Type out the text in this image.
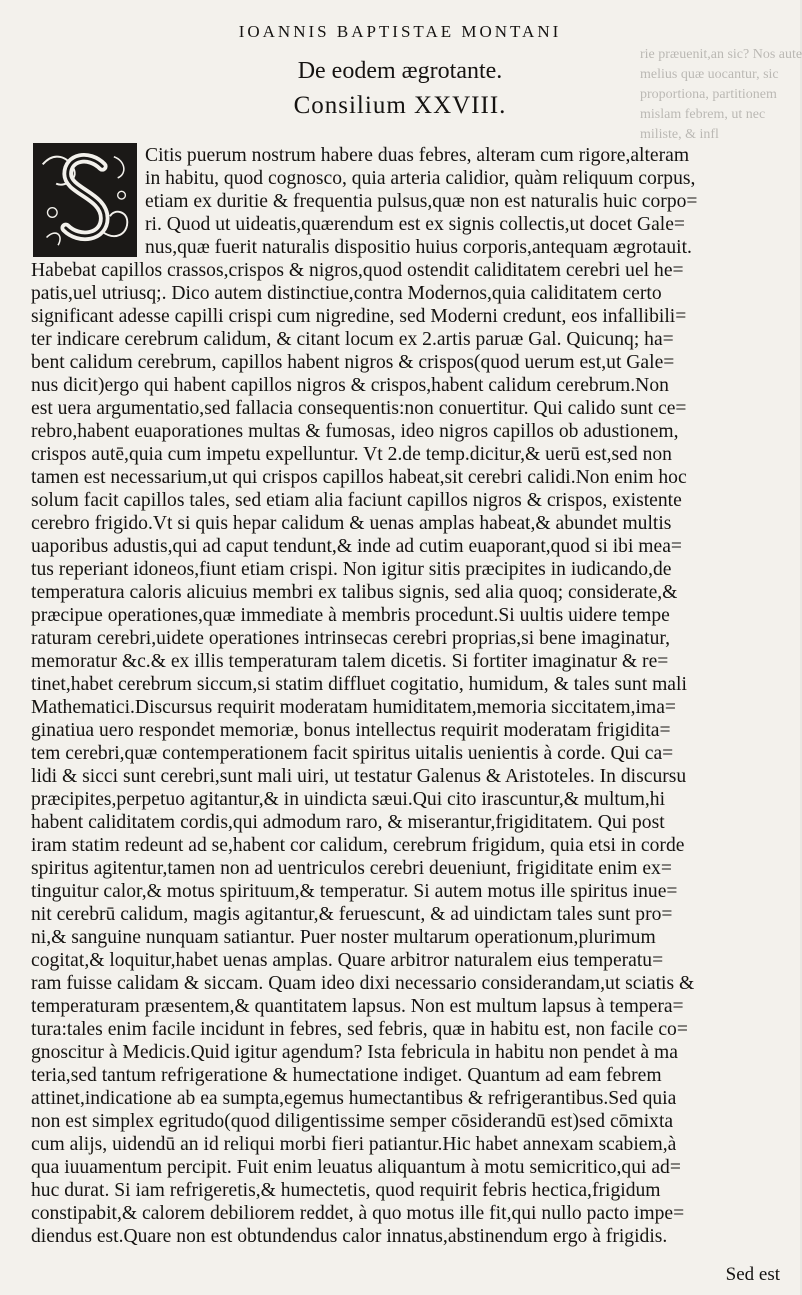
rie præuenit,an sic? Nos aute
melius quæ uocantur, sic
proportiona, partitionem
mislam febrem, ut nec
miliste, & infl
IOANNIS BAPTISTAE MONTANI
De eodem ægrotante.
Consilium XXVIII.
Citis puerum nostrum habere duas febres, alteram cum rigore,alteram
in habitu, quod cognosco, quia arteria calidior, quàm reliquum corpus,
etiam ex duritie & frequentia pulsus,quæ non est naturalis huic corpo=
ri. Quod ut uideatis,quærendum est ex signis collectis,ut docet Gale=
nus,quæ fuerit naturalis dispositio huius corporis,antequam ægrotauit.
Habebat capillos crassos,crispos & nigros,quod ostendit caliditatem cerebri uel he=
patis,uel utriusq;. Dico autem distinctiue,contra Modernos,quia caliditatem certo
significant adesse capilli crispi cum nigredine, sed Moderni credunt, eos infallibili=
ter indicare cerebrum calidum, & citant locum ex 2.artis paruæ Gal. Quicunq; ha=
bent calidum cerebrum, capillos habent nigros & crispos(quod uerum est,ut Gale=
nus dicit)ergo qui habent capillos nigros & crispos,habent calidum cerebrum.Non
est uera argumentatio,sed fallacia consequentis:non conuertitur. Qui calido sunt ce=
rebro,habent euaporationes multas & fumosas, ideo nigros capillos ob adustionem,
crispos autē,quia cum impetu expelluntur. Vt 2.de temp.dicitur,& uerū est,sed non
tamen est necessarium,ut qui crispos capillos habeat,sit cerebri calidi.Non enim hoc
solum facit capillos tales, sed etiam alia faciunt capillos nigros & crispos, existente
cerebro frigido.Vt si quis hepar calidum & uenas amplas habeat,& abundet multis
uaporibus adustis,qui ad caput tendunt,& inde ad cutim euaporant,quod si ibi mea=
tus reperiant idoneos,fiunt etiam crispi. Non igitur sitis præcipites in iudicando,de
temperatura caloris alicuius membri ex talibus signis, sed alia quoq; considerate,&
præcipue operationes,quæ immediate à membris procedunt.Si uultis uidere tempe
raturam cerebri,uidete operationes intrinsecas cerebri proprias,si bene imaginatur,
memoratur &c.& ex illis temperaturam talem dicetis. Si fortiter imaginatur & re=
tinet,habet cerebrum siccum,si statim diffluet cogitatio, humidum, & tales sunt mali
Mathematici.Discursus requirit moderatam humiditatem,memoria siccitatem,ima=
ginatiua uero respondet memoriæ, bonus intellectus requirit moderatam frigidita=
tem cerebri,quæ contemperationem facit spiritus uitalis uenientis à corde. Qui ca=
lidi & sicci sunt cerebri,sunt mali uiri, ut testatur Galenus & Aristoteles. In discursu
præcipites,perpetuo agitantur,& in uindicta sæui.Qui cito irascuntur,& multum,hi
habent caliditatem cordis,qui admodum raro, & miserantur,frigiditatem. Qui post
iram statim redeunt ad se,habent cor calidum, cerebrum frigidum, quia etsi in corde
spiritus agitentur,tamen non ad uentriculos cerebri deueniunt, frigiditate enim ex=
tinguitur calor,& motus spirituum,& temperatur. Si autem motus ille spiritus inue=
nit cerebrū calidum, magis agitantur,& feruescunt, & ad uindictam tales sunt pro=
ni,& sanguine nunquam satiantur. Puer noster multarum operationum,plurimum
cogitat,& loquitur,habet uenas amplas. Quare arbitror naturalem eius temperatu=
ram fuisse calidam & siccam. Quam ideo dixi necessario considerandam,ut sciatis &
temperaturam præsentem,& quantitatem lapsus. Non est multum lapsus à tempera=
tura:tales enim facile incidunt in febres, sed febris, quæ in habitu est, non facile co=
gnoscitur à Medicis.Quid igitur agendum? Ista febricula in habitu non pendet à ma
teria,sed tantum refrigeratione & humectatione indiget. Quantum ad eam febrem
attinet,indicatione ab ea sumpta,egemus humectantibus & refrigerantibus.Sed quia
non est simplex egritudo(quod diligentissime semper cōsiderandū est)sed cōmixta
cum alijs, uidendū an id reliqui morbi fieri patiantur.Hic habet annexam scabiem,à
qua iuuamentum percipit. Fuit enim leuatus aliquantum à motu semicritico,qui ad=
huc durat. Si iam refrigeretis,& humectetis, quod requirit febris hectica,frigidum
constipabit,& calorem debiliorem reddet, à quo motus ille fit,qui nullo pacto impe=
diendus est.Quare non est obtundendus calor innatus,abstinendum ergo à frigidis.
Sed est
